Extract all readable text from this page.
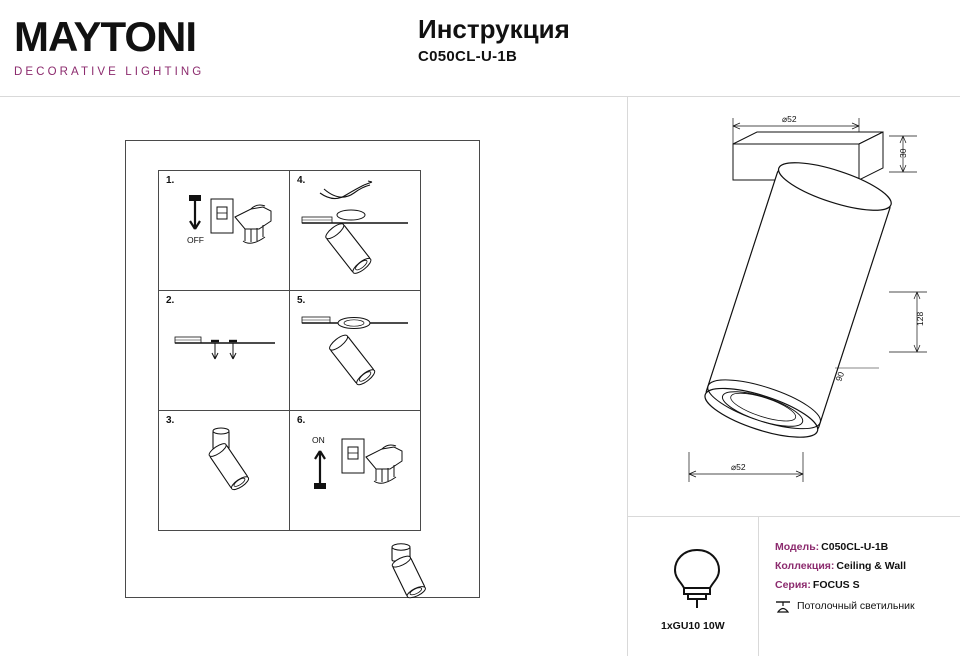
MAYTONI
DECORATIVE LIGHTING
Инструкция
C050CL-U-1B
1.
OFF
4.
2.	5.
3.	6.
ON
⌀52
30
128
90
⌀52
1xGU10 10W
Модель: C050CL-U-1B
Коллекция: Ceiling & Wall
Серия: FOCUS S
Потолочный светильник
